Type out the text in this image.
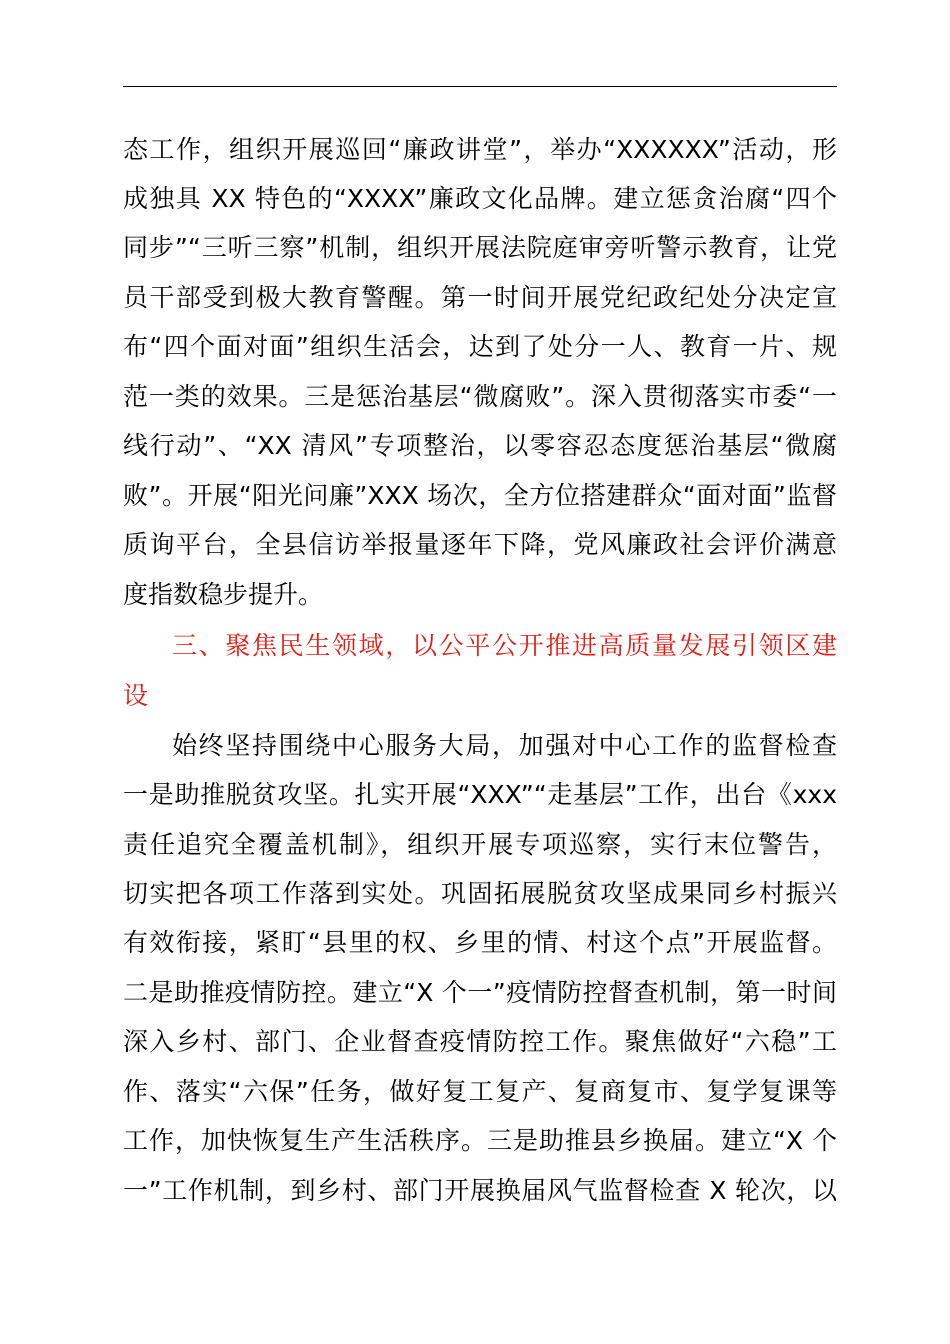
态工作，组织开展巡回“廉政讲堂”，举办“XXXXXX”活动，形
成独具 XX 特色的“XXXX”廉政文化品牌。建立惩贪治腐“四个
同步”“三听三察”机制，组织开展法院庭审旁听警示教育，让党
员干部受到极大教育警醒。第一时间开展党纪政纪处分决定宣
布“四个面对面”组织生活会，达到了处分一人、教育一片、规
范一类的效果。三是惩治基层“微腐败”。深入贯彻落实市委“一
线行动”、“XX 清风”专项整治，以零容忍态度惩治基层“微腐
败”。开展“阳光问廉”XXX 场次，全方位搭建群众“面对面”监督
质询平台，全县信访举报量逐年下降，党风廉政社会评价满意
度指数稳步提升。
三、聚焦民生领域，以公平公开推进高质量发展引领区建
设
始终坚持围绕中心服务大局，加强对中心工作的监督检查
一是助推脱贫攻坚。扎实开展“XXX”“走基层”工作，出台《xxx
责任追究全覆盖机制》，组织开展专项巡察，实行末位警告，
切实把各项工作落到实处。巩固拓展脱贫攻坚成果同乡村振兴
有效衔接，紧盯“县里的权、乡里的情、村这个点”开展监督。
二是助推疫情防控。建立“X 个一”疫情防控督查机制，第一时间
深入乡村、部门、企业督查疫情防控工作。聚焦做好“六稳”工
作、落实“六保”任务，做好复工复产、复商复市、复学复课等
工作，加快恢复生产生活秩序。三是助推县乡换届。建立“X 个
一”工作机制，到乡村、部门开展换届风气监督检查 X 轮次，以
